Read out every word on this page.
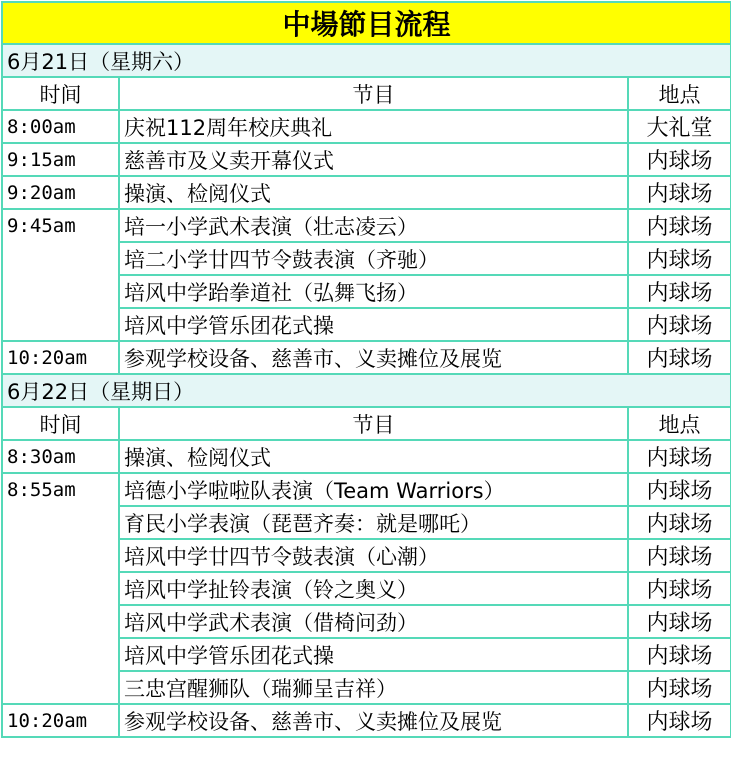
中場節目流程		
6月21日（星期六）		
时间	节目	地点
8:00am	庆祝112周年校庆典礼	大礼堂
9:15am	慈善市及义卖开幕仪式	内球场
9:20am	操演、检阅仪式	内球场
9:45am	培一小学武术表演（壮志凌云）	内球场
	培二小学廿四节令鼓表演（齐驰）	内球场
	培风中学跆拳道社（弘舞飞扬）	内球场
	培风中学管乐团花式操	内球场
10:20am	参观学校设备、慈善市、义卖摊位及展览	内球场
6月22日（星期日）		
时间	节目	地点
8:30am	操演、检阅仪式	内球场
8:55am	培德小学啦啦队表演（Team Warriors）	内球场
	育民小学表演（琵琶齐奏：就是哪吒）	内球场
	培风中学廿四节令鼓表演（心潮）	内球场
	培风中学扯铃表演（铃之奥义）	内球场
	培风中学武术表演（借椅问劲）	内球场
	培风中学管乐团花式操	内球场
	三忠宫醒狮队（瑞狮呈吉祥）	内球场
10:20am	参观学校设备、慈善市、义卖摊位及展览	内球场
